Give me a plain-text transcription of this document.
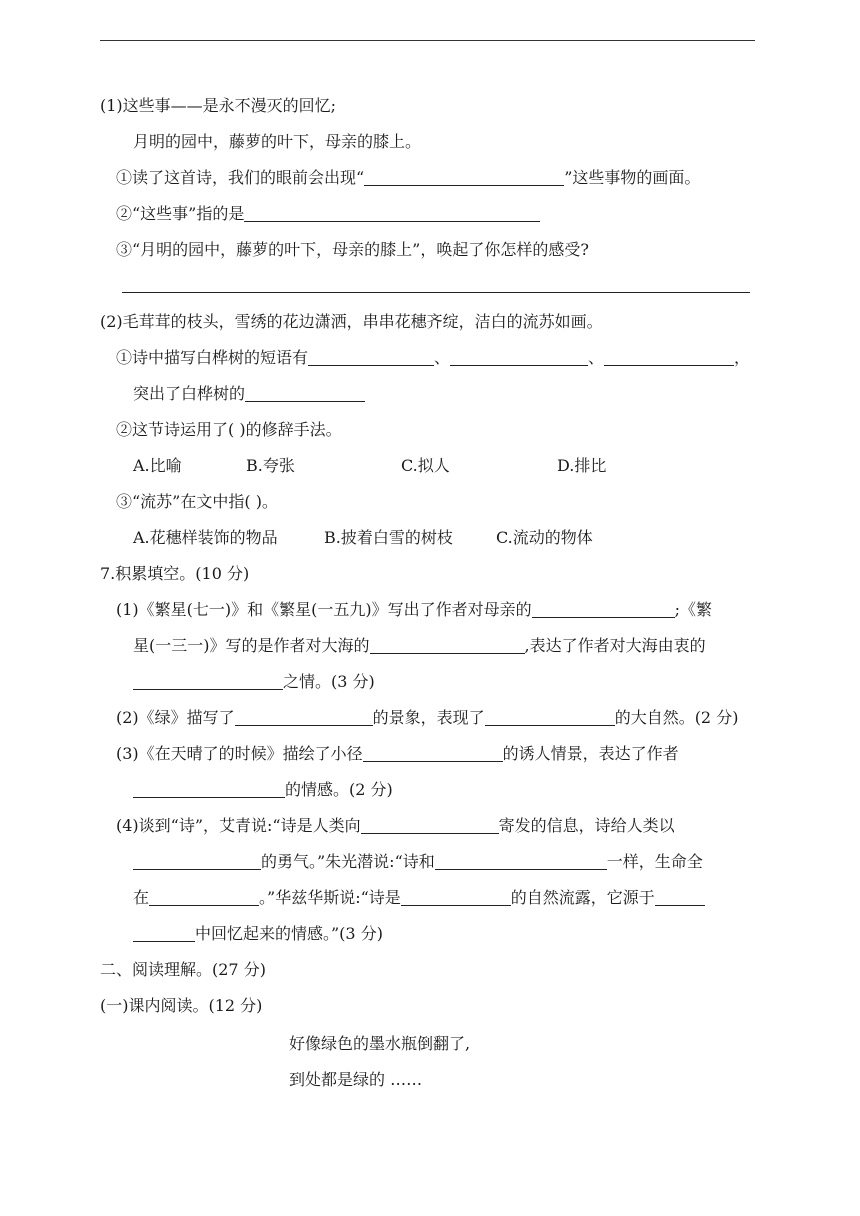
(1)这些事——是永不漫灭的回忆;
月明的园中，藤萝的叶下，母亲的膝上。
①读了这首诗，我们的眼前会出现“	”这些事物的画面。
②“这些事”指的是
③“月明的园中，藤萝的叶下，母亲的膝上”，唤起了你怎样的感受?
(2)毛茸茸的枝头，雪绣的花边潇洒，串串花穗齐绽，洁白的流苏如画。
①诗中描写白桦树的短语有	、	、	，
突出了白桦树的
②这节诗运用了( )的修辞手法。
A.比喻	B.夸张	C.拟人	D.排比
③“流苏”在文中指( )。
A.花穗样装饰的物品	B.披着白雪的树枝	C.流动的物体
7.积累填空。(10 分)
(1)《繁星(七一)》和《繁星(一五九)》写出了作者对母亲的	;《繁
星(一三一)》写的是作者对大海的	,表达了作者对大海由衷的
之情。(3 分)
(2)《绿》描写了	的景象，表现了	的大自然。(2 分)
(3)《在天晴了的时候》描绘了小径	的诱人情景，表达了作者
的情感。(2 分)
(4)谈到“诗”，艾青说:“诗是人类向	寄发的信息，诗给人类以
的勇气。”朱光潜说:“诗和	一样，生命全
在	。”华兹华斯说:“诗是	的自然流露，它源于
中回忆起来的情感。”(3 分)
二、阅读理解。(27 分)
(一)课内阅读。(12 分)
好像绿色的墨水瓶倒翻了,
到处都是绿的 ……
